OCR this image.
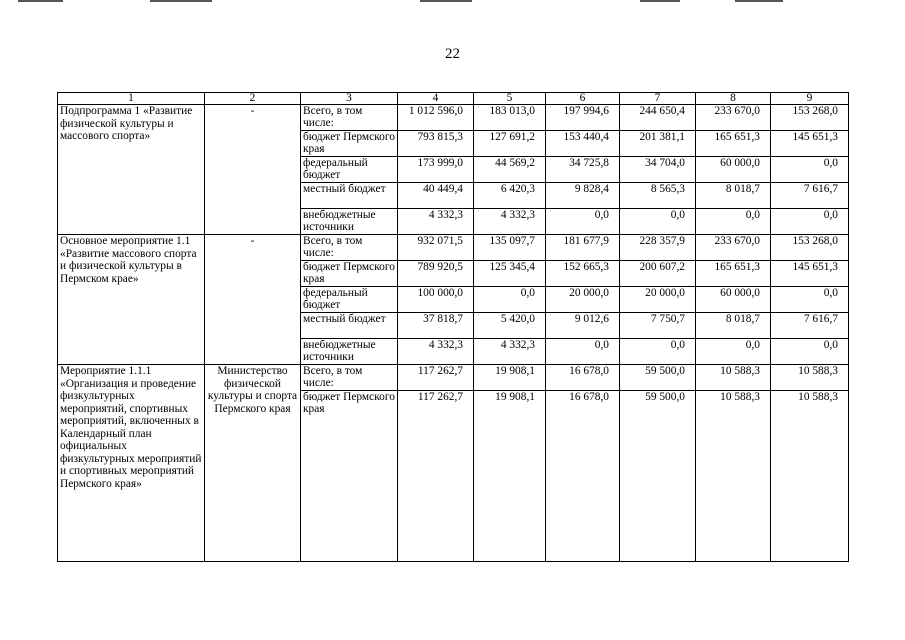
22
1	2	3	4	5	6	7	8	9
Подпрограмма 1 «Развитие физической культуры и массового спорта»	-	Всего, в том числе:	1 012 596,0	183 013,0	197 994,6	244 650,4	233 670,0	153 268,0
		бюджет Пермского края	793 815,3	127 691,2	153 440,4	201 381,1	165 651,3	145 651,3
		федеральный бюджет	173 999,0	44 569,2	34 725,8	34 704,0	60 000,0	0,0
		местный бюджет	40 449,4	6 420,3	9 828,4	8 565,3	8 018,7	7 616,7
		внебюджетные источники	4 332,3	4 332,3	0,0	0,0	0,0	0,0
Основное мероприятие 1.1 «Развитие массового спорта и физической культуры в Пермском крае»	-	Всего, в том числе:	932 071,5	135 097,7	181 677,9	228 357,9	233 670,0	153 268,0
		бюджет Пермского края	789 920,5	125 345,4	152 665,3	200 607,2	165 651,3	145 651,3
		федеральный бюджет	100 000,0	0,0	20 000,0	20 000,0	60 000,0	0,0
		местный бюджет	37 818,7	5 420,0	9 012,6	7 750,7	8 018,7	7 616,7
		внебюджетные источники	4 332,3	4 332,3	0,0	0,0	0,0	0,0
Мероприятие 1.1.1 «Организация и проведение физкультурных мероприятий, спортивных мероприятий, включенных в Календарный план официальных физкультурных мероприятий и спортивных мероприятий Пермского края»	Министерство физической культуры и спорта Пермского края	Всего, в том числе:	117 262,7	19 908,1	16 678,0	59 500,0	10 588,3	10 588,3
		бюджет Пермского края	117 262,7	19 908,1	16 678,0	59 500,0	10 588,3	10 588,3
